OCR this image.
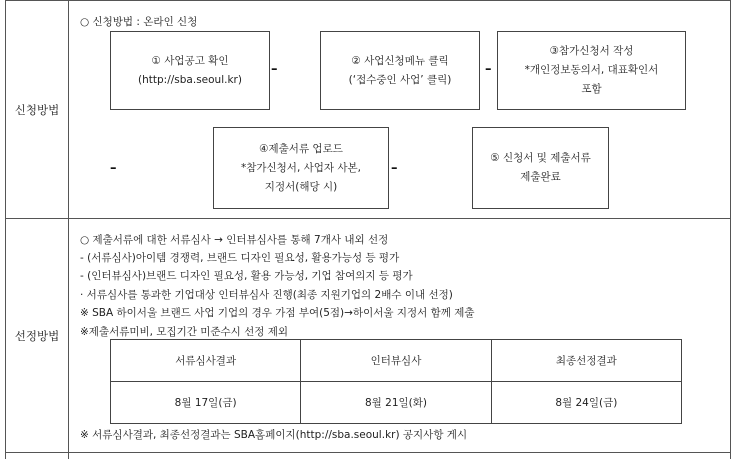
신청방법
○ 신청방법 : 온라인 신청
① 사업공고 확인
(http://sba.seoul.kr)
–
② 사업신청메뉴 클릭
(‘접수중인 사업’ 클릭)
–
③참가신청서 작성
*개인정보동의서, 대표확인서
포함
–
④제출서류 업로드
*참가신청서, 사업자 사본,
지정서(해당 시)
–
⑤ 신청서 및 제출서류
제출완료
선정방법
○ 제출서류에 대한 서류심사 → 인터뷰심사를 통해 7개사 내외 선정
- (서류심사)아이템 경쟁력, 브랜드 디자인 필요성, 활용가능성 등 평가
- (인터뷰심사)브랜드 디자인 필요성, 활용 가능성, 기업 참여의지 등 평가
· 서류심사를 통과한 기업대상 인터뷰심사 진행(최종 지원기업의 2배수 이내 선정)
※ SBA 하이서울 브랜드 사업 기업의 경우 가점 부여(5점)→하이서울 지정서 함께 제출
※제출서류미비, 모집기간 미준수시 선정 제외
서류심사결과	인터뷰심사	최종선정결과
8월 17일(금)	8월 21일(화)	8월 24일(금)
※ 서류심사결과, 최종선정결과는 SBA홈페이지(http://sba.seoul.kr) 공지사항 게시
